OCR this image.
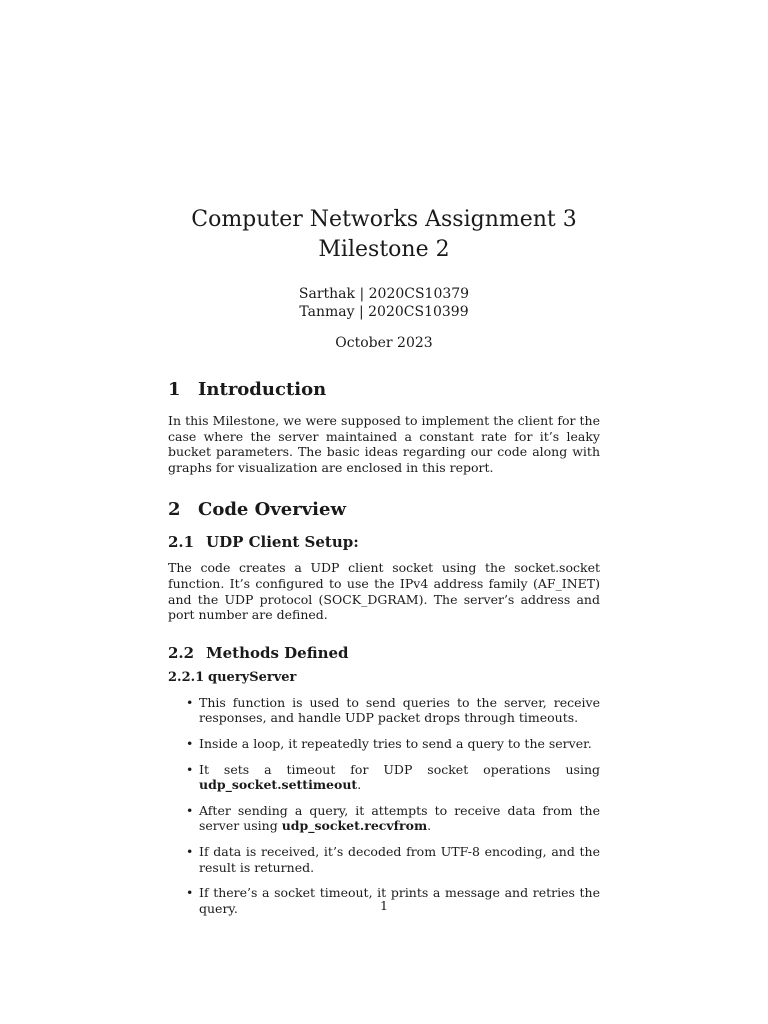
Computer Networks Assignment 3
Milestone 2
Sarthak | 2020CS10379
Tanmay | 2020CS10399
October 2023
1 Introduction

In this Milestone, we were supposed to implement the client for the case where the server maintained a constant rate for it’s leaky bucket parameters. The basic ideas regarding our code along with graphs for visualization are enclosed in this report.

2 Code Overview
2.1 UDP Client Setup:

The code creates a UDP client socket using the socket.socket function. It’s configured to use the IPv4 address family (AF_INET) and the UDP protocol (SOCK_DGRAM). The server’s address and port number are defined.

2.2 Methods Defined
2.2.1 queryServer
• This function is used to send queries to the server, receive responses, and handle UDP packet drops through timeouts.
• Inside a loop, it repeatedly tries to send a query to the server.
• It sets a timeout for UDP socket operations using udp_socket.settimeout.
• After sending a query, it attempts to receive data from the server using udp_socket.recvfrom.
• If data is received, it’s decoded from UTF-8 encoding, and the result is returned.
• If there’s a socket timeout, it prints a message and retries the query.	1
